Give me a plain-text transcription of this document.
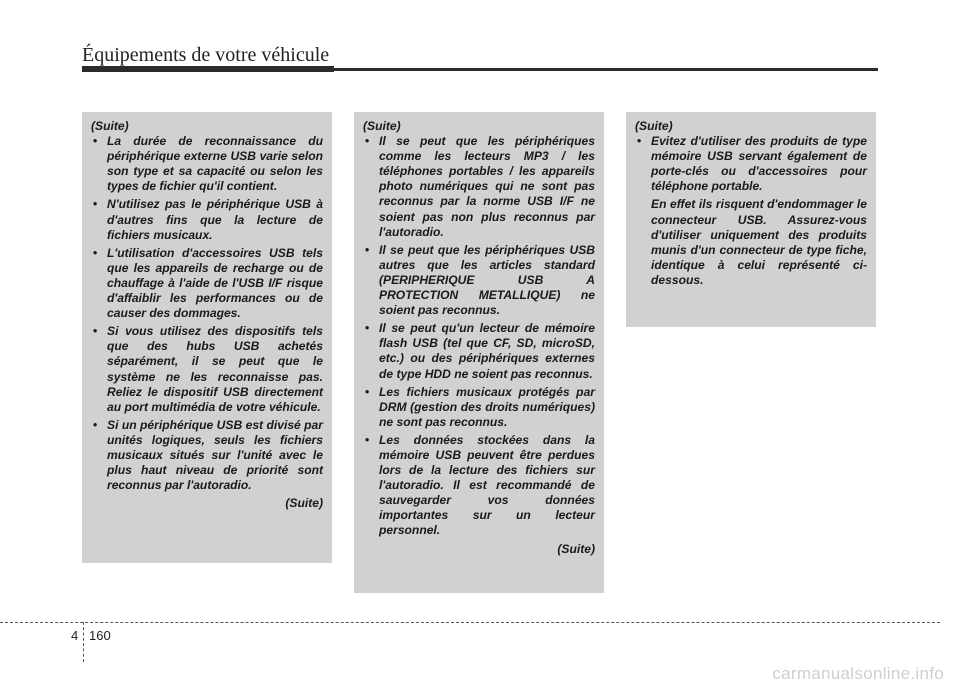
Équipements de votre véhicule
(Suite)
• La durée de reconnaissance du périphérique externe USB varie selon son type et sa capacité ou selon les types de fichier qu'il contient.
• N'utilisez pas le périphérique USB à d'autres fins que la lecture de fichiers musicaux.
• L'utilisation d'accessoires USB tels que les appareils de recharge ou de chauffage à l'aide de l'USB I/F risque d'affaiblir les performances ou de causer des dommages.
• Si vous utilisez des dispositifs tels que des hubs USB achetés séparément, il se peut que le système ne les reconnaisse pas. Reliez le dispositif USB directement au port multimédia de votre véhicule.
• Si un périphérique USB est divisé par unités logiques, seuls les fichiers musicaux situés sur l'unité avec le plus haut niveau de priorité sont reconnus par l'autoradio.
(Suite)
(Suite)
• Il se peut que les périphériques comme les lecteurs MP3 / les téléphones portables / les appareils photo numériques qui ne sont pas reconnus par la norme USB I/F ne soient pas non plus reconnus par l'autoradio.
• Il se peut que les périphériques USB autres que les articles standard (PERIPHERIQUE USB A PROTECTION METALLIQUE) ne soient pas reconnus.
• Il se peut qu'un lecteur de mémoire flash USB (tel que CF, SD, microSD, etc.) ou des périphériques externes de type HDD ne soient pas reconnus.
• Les fichiers musicaux protégés par DRM (gestion des droits numériques) ne sont pas reconnus.
• Les données stockées dans la mémoire USB peuvent être perdues lors de la lecture des fichiers sur l'autoradio. Il est recommandé de sauvegarder vos données importantes sur un lecteur personnel.
(Suite)
(Suite)
• Evitez d'utiliser des produits de type mémoire USB servant également de porte-clés ou d'accessoires pour téléphone portable.

En effet ils risquent d'endommager le connecteur USB. Assurez-vous d'utiliser uniquement des produits munis d'un connecteur de type fiche, identique à celui représenté ci-dessous.

4 160
carmanualsonline.info
